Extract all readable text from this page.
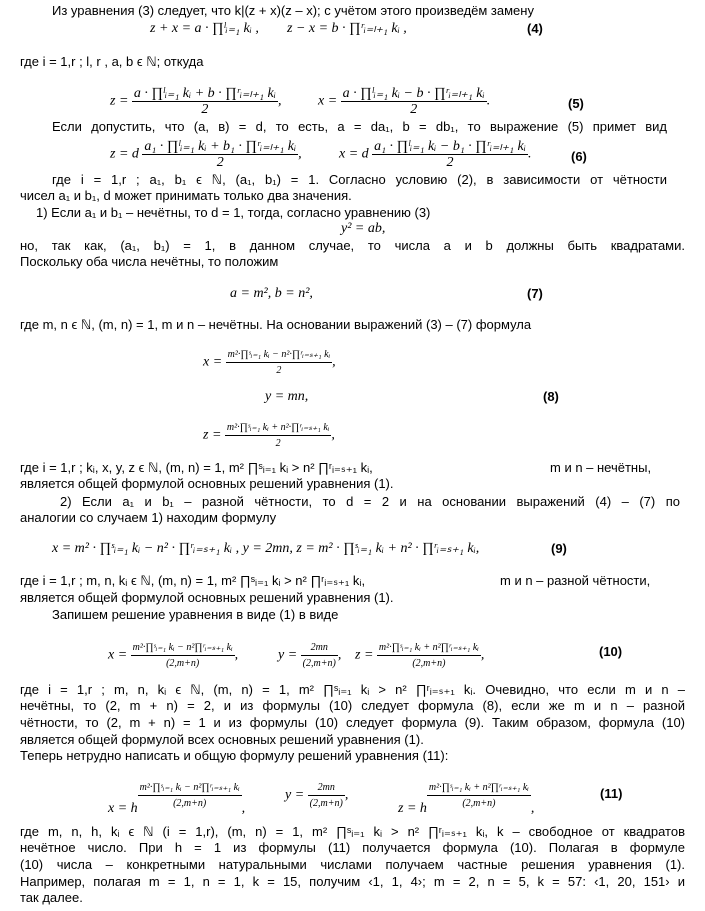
Из уравнения (3) следует, что k|(z + x)(z – x); с учётом этого произведём замену
z + x = a · ∏ˡᵢ₌₁ kᵢ , z − x = b · ∏ʳᵢ₌ₗ₊₁ kᵢ ,	(4)
где i = 1,r ; l, r , a, b ϵ ℕ; откуда
$z = \frac{\text{a · ∏ˡᵢ₌₁ kᵢ + b · ∏ʳᵢ₌ₗ₊₁ kᵢ}}{2}$ ,	$x = \frac{\text{a · ∏ˡᵢ₌₁ kᵢ − b · ∏ʳᵢ₌ₗ₊₁ kᵢ}}{2}$ .	(5)
Если допустить, что (a, в) = d, то есть, a = da₁, b = db₁, то выражение (5) примет вид
z = d $\frac{\text{a₁ · ∏ˡᵢ₌₁ kᵢ + b₁ · ∏ʳᵢ₌ₗ₊₁ kᵢ}}{2}$ ,	x = d $\frac{\text{a₁ · ∏ˡᵢ₌₁ kᵢ − b₁ · ∏ʳᵢ₌ₗ₊₁ kᵢ}}{2}$ .	(6)
где i = 1,r ; a₁, b₁ ϵ ℕ, (a₁, b₁) = 1. Согласно условию (2), в зависимости от чётности
чисел a₁ и b₁, d может принимать только два значения.
1) Если a₁ и b₁ – нечётны, то d = 1, тогда, согласно уравнению (3)
y² = ab,
но, так как, (a₁, b₁) = 1, в данном случае, то числа a и b должны быть квадратами.
Поскольку оба числа нечётны, то положим
a = m², b = n²,	(7)
где m, n ϵ ℕ, (m, n) = 1, m и n – нечётны. На основании выражений (3) – (7) формула
$x = \frac{\text{m²·∏ˢᵢ₌₁ kᵢ − n²·∏ʳᵢ₌ₛ₊₁ kᵢ}}{2}$ ,
y = mn,	(8)
$z = \frac{\text{m²·∏ˢᵢ₌₁ kᵢ + n²·∏ʳᵢ₌ₛ₊₁ kᵢ}}{2}$ ,
где i = 1,r ; kᵢ, x, y, z ϵ ℕ, (m, n) = 1, m² ∏ˢᵢ₌₁ kᵢ > n² ∏ʳᵢ₌ₛ₊₁ kᵢ,	m и n – нечётны,
является общей формулой основных решений уравнения (1).
2) Если a₁ и b₁ – разной чётности, то d = 2 и на основании выражений (4) – (7) по
аналогии со случаем 1) находим формулу
x = m² · ∏ˢᵢ₌₁ kᵢ − n² · ∏ʳᵢ₌ₛ₊₁ kᵢ , y = 2mn, z = m² · ∏ˢᵢ₌₁ kᵢ + n² · ∏ʳᵢ₌ₛ₊₁ kᵢ,	(9)
где i = 1,r ; m, n, kᵢ ϵ ℕ, (m, n) = 1, m² ∏ˢᵢ₌₁ kᵢ > n² ∏ʳᵢ₌ₛ₊₁ kᵢ,	m и n – разной чётности,
является общей формулой основных решений уравнения (1).
Запишем решение уравнения в виде (1) в виде
$x = \frac{\text{m²·∏ˢᵢ₌₁ kᵢ − n²∏ʳᵢ₌ₛ₊₁ kᵢ}}{(2,m+n)}$ ,	$y = \frac{2mn}{(2,m+n)}$ , $z = \frac{\text{m²·∏ˢᵢ₌₁ kᵢ + n²∏ʳᵢ₌ₛ₊₁ kᵢ}}{(2,m+n)}$ ,	(10)
где i = 1,r ; m, n, kᵢ ϵ ℕ, (m, n) = 1, m² ∏ˢᵢ₌₁ kᵢ > n² ∏ʳᵢ₌ₛ₊₁ kᵢ. Очевидно, что если m и n –
нечётны, то (2, m + n) = 2, и из формулы (10) следует формула (8), если же m и n – разной
чётности, то (2, m + n) = 1 и из формулы (10) следует формула (9). Таким образом, формула (10)
является общей формулой всех основных решений уравнения (1).
Теперь нетрудно написать и общую формулу решений уравнения (11):
x = h $\frac{\text{m²·∏ˢᵢ₌₁ kᵢ − n²∏ʳᵢ₌ₛ₊₁ kᵢ}}{(2,m+n)}$ ,
$y = \frac{2mn}{(2,m+n)}$ ,
z = h $\frac{\text{m²·∏ˢᵢ₌₁ kᵢ + n²∏ʳᵢ₌ₛ₊₁ kᵢ}}{(2,m+n)}$ ,
(11)
где m, n, h, kᵢ ϵ ℕ (i = 1,r), (m, n) = 1, m² ∏ˢᵢ₌₁ kᵢ > n² ∏ʳᵢ₌ₛ₊₁ kᵢ, k – свободное от квадратов
нечётное число. При h = 1 из формулы (11) получается формула (10). Полагая в формуле
(10) числа – конкретными натуральными числами получаем частные решения уравнения (1).
Например, полагая m = 1, n = 1, k = 15, получим ‹1, 1, 4›; m = 2, n = 5, k = 57: ‹1, 20, 151› и
так далее.
